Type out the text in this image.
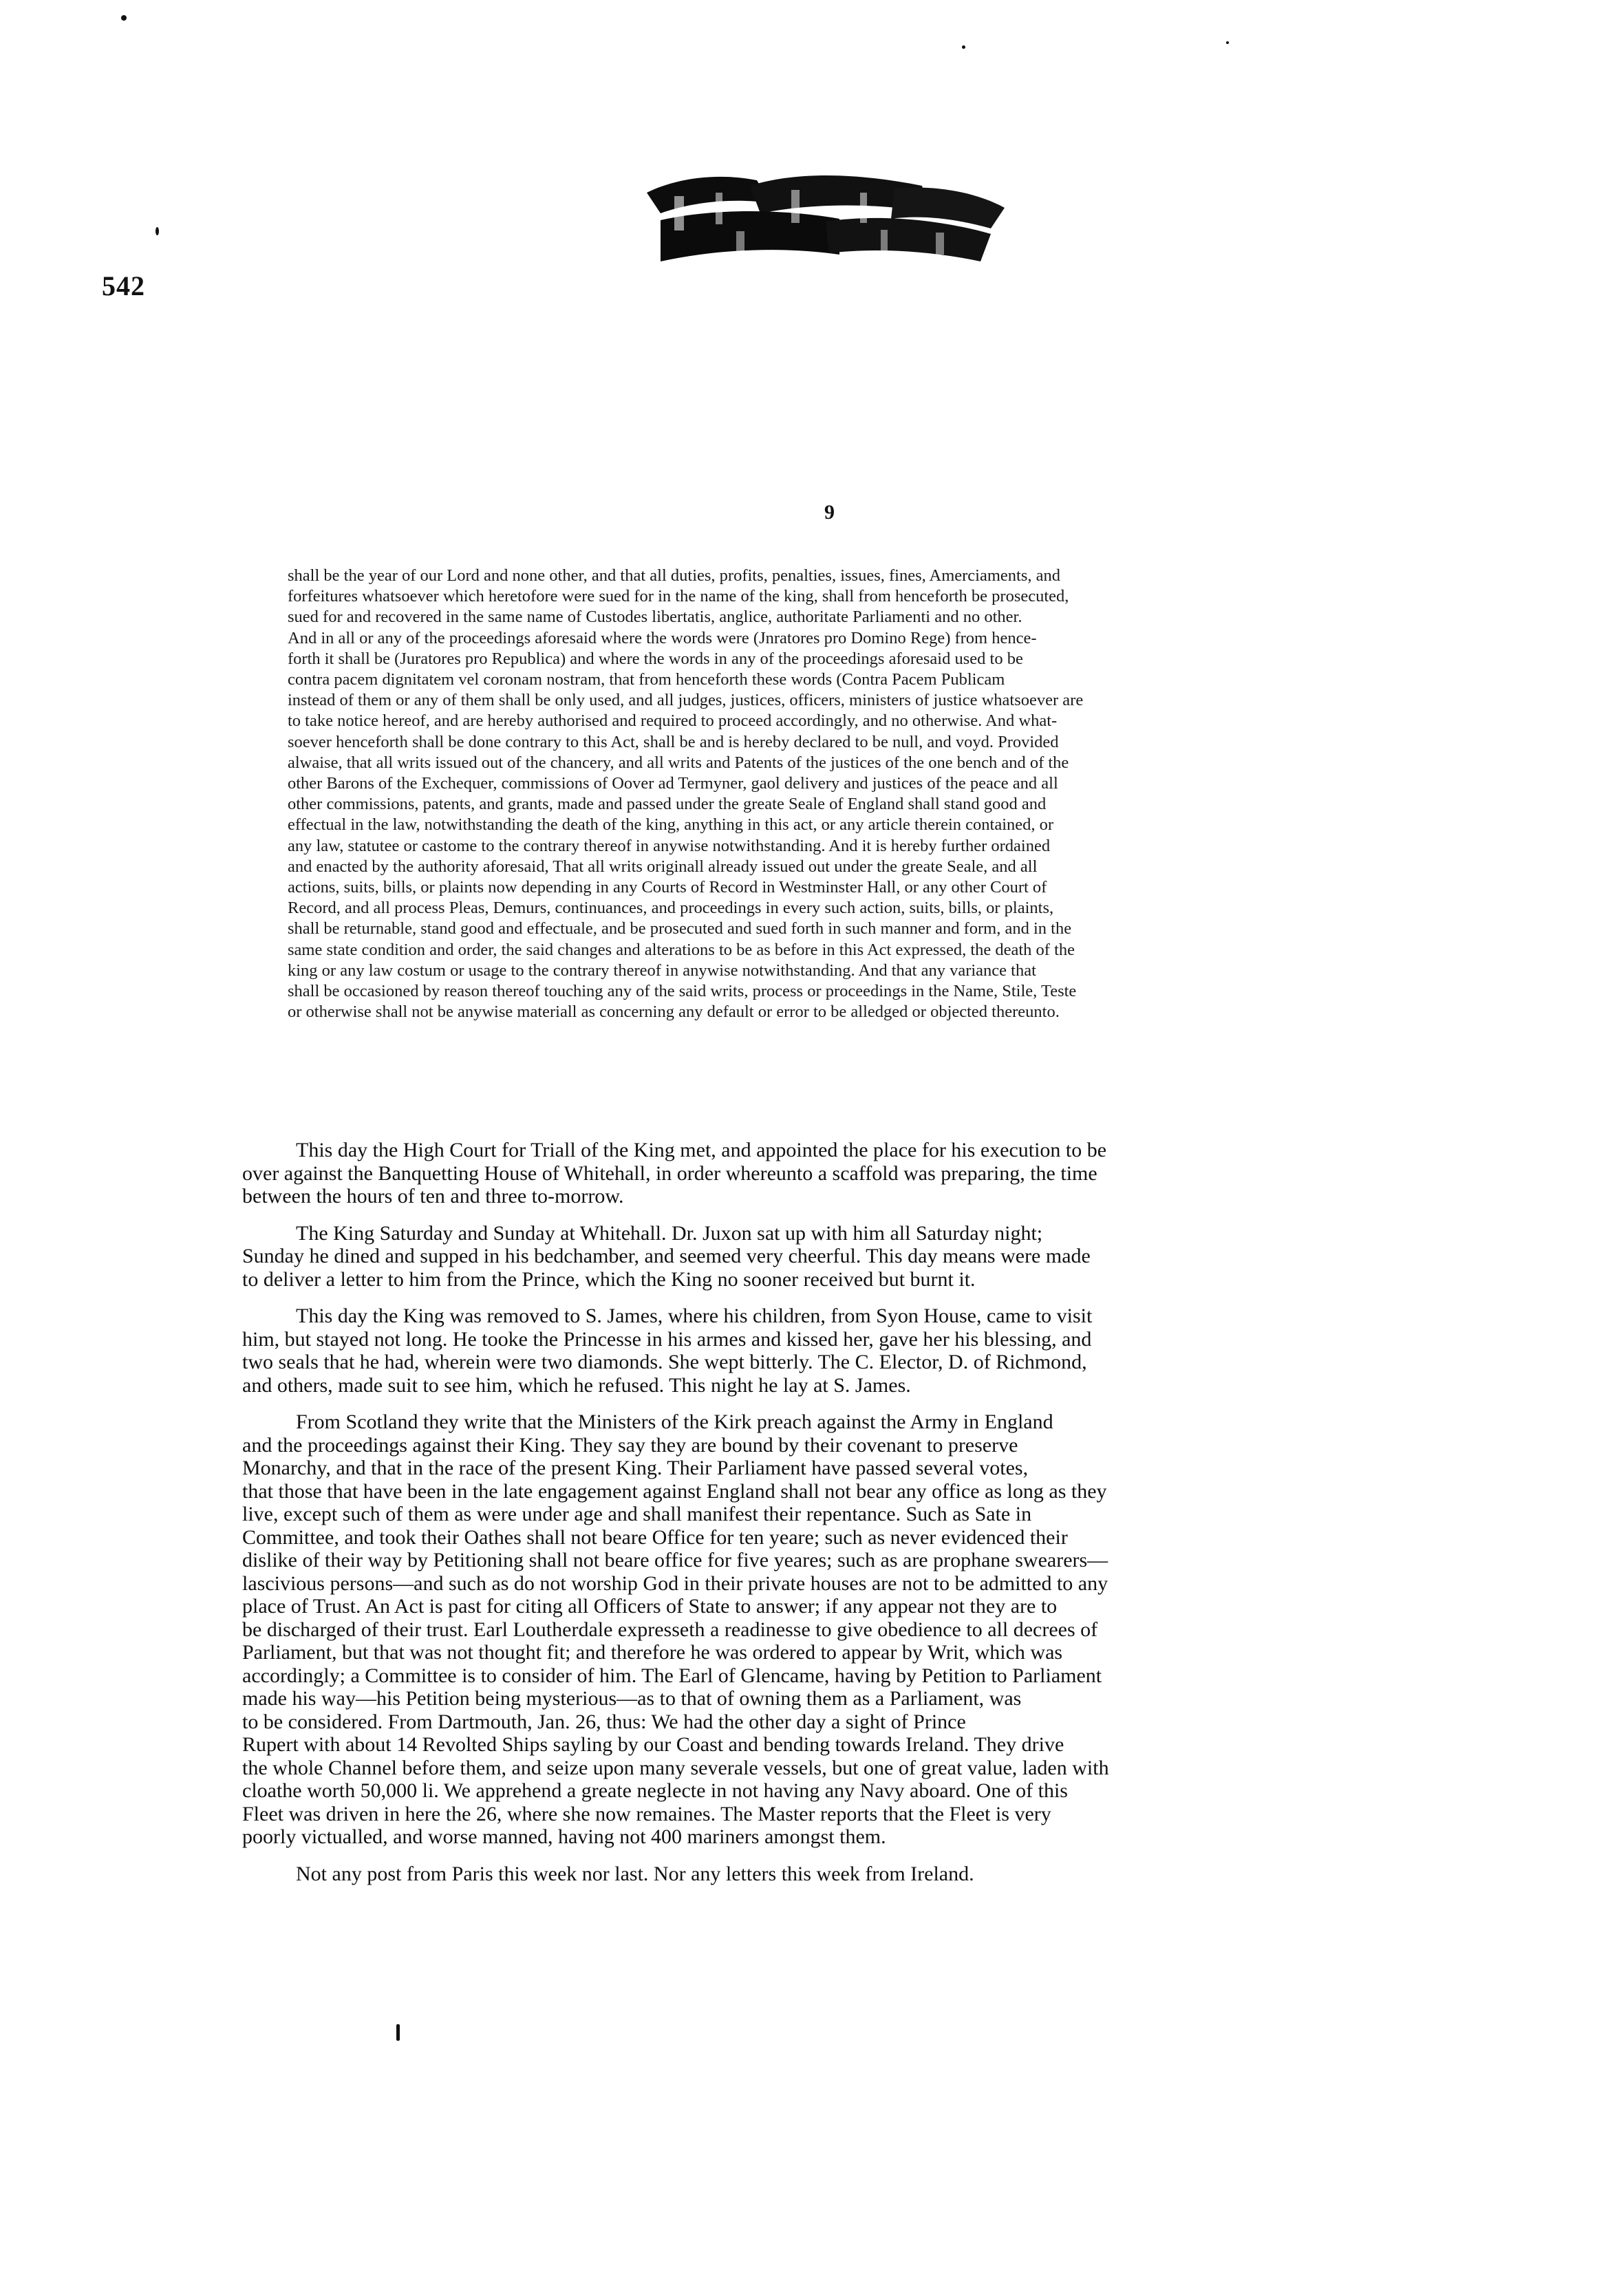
542
9
shall be the year of our Lord and none other, and that all duties, profits, penalties, issues, fines, Amerciaments, and
forfeitures whatsoever which heretofore were sued for in the name of the king, shall from henceforth be prosecuted,
sued for and recovered in the same name of Custodes libertatis, anglice, authoritate Parliamenti and no other.
And in all or any of the proceedings aforesaid where the words were (Jnratores pro Domino Rege) from hence-
forth it shall be (Juratores pro Republica) and where the words in any of the proceedings aforesaid used to be
contra pacem dignitatem vel coronam nostram, that from henceforth these words (Contra Pacem Publicam
instead of them or any of them shall be only used, and all judges, justices, officers, ministers of justice whatsoever are
to take notice hereof, and are hereby authorised and required to proceed accordingly, and no otherwise. And what-
soever henceforth shall be done contrary to this Act, shall be and is hereby declared to be null, and voyd. Provided
alwaise, that all writs issued out of the chancery, and all writs and Patents of the justices of the one bench and of the
other Barons of the Exchequer, commissions of Oover ad Termyner, gaol delivery and justices of the peace and all
other commissions, patents, and grants, made and passed under the greate Seale of England shall stand good and
effectual in the law, notwithstanding the death of the king, anything in this act, or any article therein contained, or
any law, statutee or castome to the contrary thereof in anywise notwithstanding. And it is hereby further ordained
and enacted by the authority aforesaid, That all writs originall already issued out under the greate Seale, and all
actions, suits, bills, or plaints now depending in any Courts of Record in Westminster Hall, or any other Court of
Record, and all process Pleas, Demurs, continuances, and proceedings in every such action, suits, bills, or plaints,
shall be returnable, stand good and effectuale, and be prosecuted and sued forth in such manner and form, and in the
same state condition and order, the said changes and alterations to be as before in this Act expressed, the death of the
king or any law costum or usage to the contrary thereof in anywise notwithstanding. And that any variance that
shall be occasioned by reason thereof touching any of the said writs, process or proceedings in the Name, Stile, Teste
or otherwise shall not be anywise materiall as concerning any default or error to be alledged or objected thereunto.
This day the High Court for Triall of the King met, and appointed the place for his execution to be
over against the Banquetting House of Whitehall, in order whereunto a scaffold was preparing, the time
between the hours of ten and three to-morrow.
The King Saturday and Sunday at Whitehall. Dr. Juxon sat up with him all Saturday night;
Sunday he dined and supped in his bedchamber, and seemed very cheerful. This day means were made
to deliver a letter to him from the Prince, which the King no sooner received but burnt it.
This day the King was removed to S. James, where his children, from Syon House, came to visit
him, but stayed not long. He tooke the Princesse in his armes and kissed her, gave her his blessing, and
two seals that he had, wherein were two diamonds. She wept bitterly. The C. Elector, D. of Richmond,
and others, made suit to see him, which he refused. This night he lay at S. James.
From Scotland they write that the Ministers of the Kirk preach against the Army in England
and the proceedings against their King. They say they are bound by their covenant to preserve
Monarchy, and that in the race of the present King. Their Parliament have passed several votes,
that those that have been in the late engagement against England shall not bear any office as long as they
live, except such of them as were under age and shall manifest their repentance. Such as Sate in
Committee, and took their Oathes shall not beare Office for ten yeare; such as never evidenced their
dislike of their way by Petitioning shall not beare office for five yeares; such as are prophane swearers—
lascivious persons—and such as do not worship God in their private houses are not to be admitted to any
place of Trust. An Act is past for citing all Officers of State to answer; if any appear not they are to
be discharged of their trust. Earl Loutherdale expresseth a readinesse to give obedience to all decrees of
Parliament, but that was not thought fit; and therefore he was ordered to appear by Writ, which was
accordingly; a Committee is to consider of him. The Earl of Glencame, having by Petition to Parliament
made his way—his Petition being mysterious—as to that of owning them as a Parliament, was
to be considered. From Dartmouth, Jan. 26, thus: We had the other day a sight of Prince
Rupert with about 14 Revolted Ships sayling by our Coast and bending towards Ireland. They drive
the whole Channel before them, and seize upon many severale vessels, but one of great value, laden with
cloathe worth 50,000 li. We apprehend a greate neglecte in not having any Navy aboard. One of this
Fleet was driven in here the 26, where she now remaines. The Master reports that the Fleet is very
poorly victualled, and worse manned, having not 400 mariners amongst them.
Not any post from Paris this week nor last. Nor any letters this week from Ireland.
